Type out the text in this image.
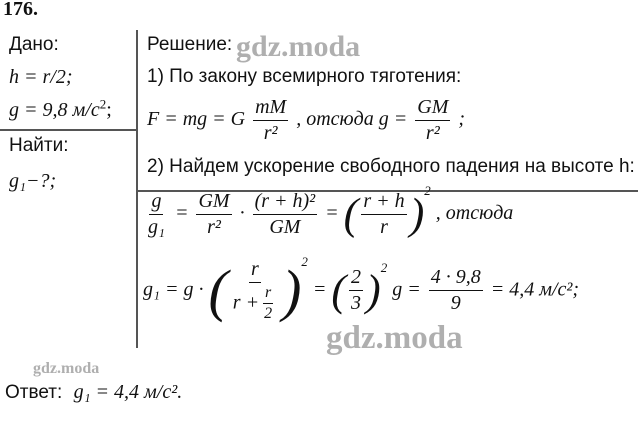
176.
Дано:
h = r/2;
g = 9,8 $м/с^2$;
Найти:
g₁−?;
Решение:
1) По закону всемирного тяготения:
F = mg = G $\frac{mM}{\text{r²}}$ , отсюда $g = \frac{GM}{\text{r²}}$ ;
2) Найдем ускорение свободного падения на высоте h:
$\frac{g}{\text{g₁}} = \frac{GM}{\text{r²}} \cdot \frac{\text{(r + h)²}}{GM}$ = ( $\frac{r + h}{r} )^2$ , отсюда
g₁ = g · ( $\frac{r}{r + \frac{r}{2}} )^2$ = ( $\frac{2}{3} )^2$ $g = \frac{4 \cdot 9,8}{9} = 4,4$ м/с²;
gdz.moda
gdz.moda
gdz.moda
Ответ: g₁ = 4,4 м/с².
